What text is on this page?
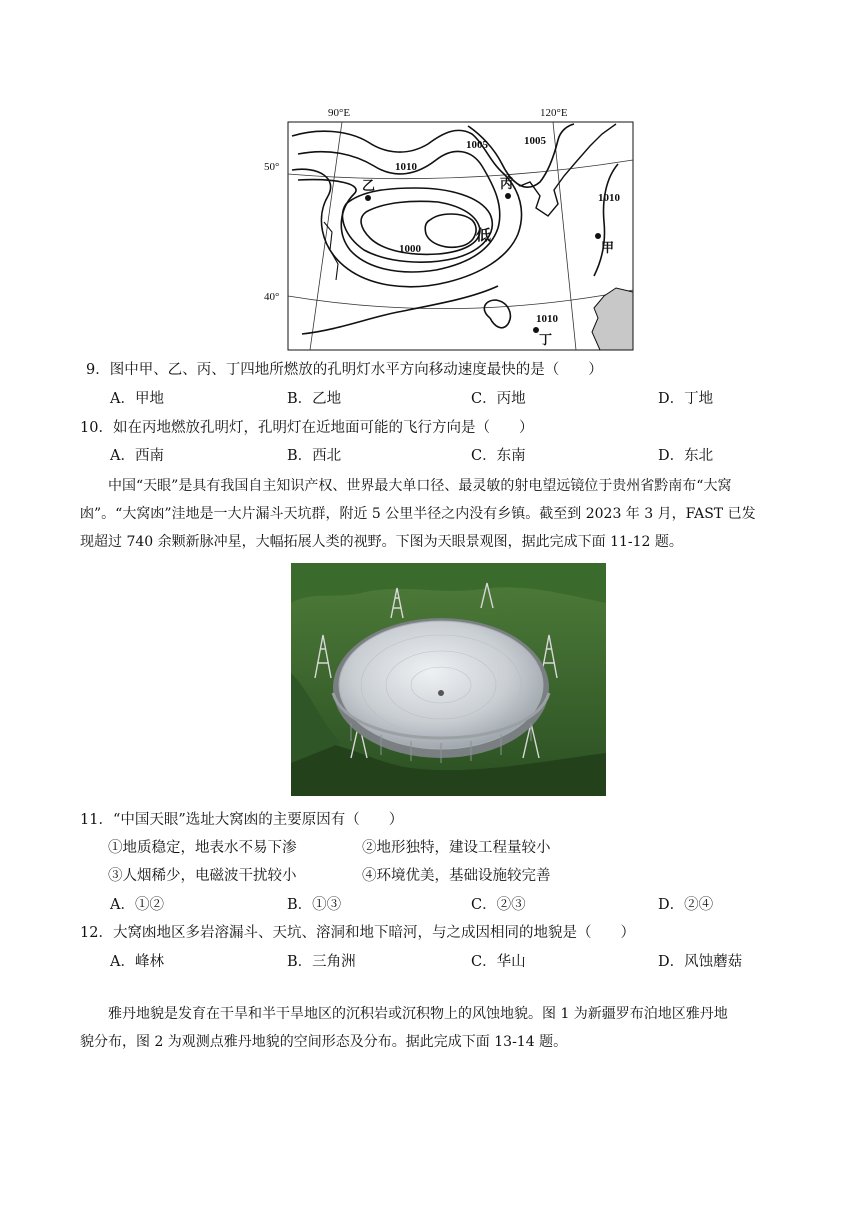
90°E	120°E
50°
40°
1005	1005
1010
1010
1000
1010
低
乙	丙
甲
丁
9．图中甲、乙、丙、丁四地所燃放的孔明灯水平方向移动速度最快的是（　　）
A．甲地	B．乙地	C．丙地	D．丁地
10．如在丙地燃放孔明灯，孔明灯在近地面可能的飞行方向是（　　）
A．西南	B．西北	C．东南	D．东北
中国“天眼”是具有我国自主知识产权、世界最大单口径、最灵敏的射电望远镜位于贵州省黔南布“大窝
凼”。“大窝凼”洼地是一大片漏斗天坑群，附近 5 公里半径之内没有乡镇。截至到 2023 年 3 月，FAST 已发
现超过 740 余颗新脉冲星，大幅拓展人类的视野。下图为天眼景观图，据此完成下面 11-12 题。
11．“中国天眼”选址大窝凼的主要原因有（　　）
①地质稳定，地表水不易下渗	②地形独特，建设工程量较小
③人烟稀少，电磁波干扰较小	④环境优美，基础设施较完善
A．①②	B．①③	C．②③	D．②④
12．大窝凼地区多岩溶漏斗、天坑、溶洞和地下暗河，与之成因相同的地貌是（　　）
A．峰林	B．三角洲	C．华山	D．风蚀蘑菇
雅丹地貌是发育在干旱和半干旱地区的沉积岩或沉积物上的风蚀地貌。图 1 为新疆罗布泊地区雅丹地
貌分布，图 2 为观测点雅丹地貌的空间形态及分布。据此完成下面 13-14 题。
